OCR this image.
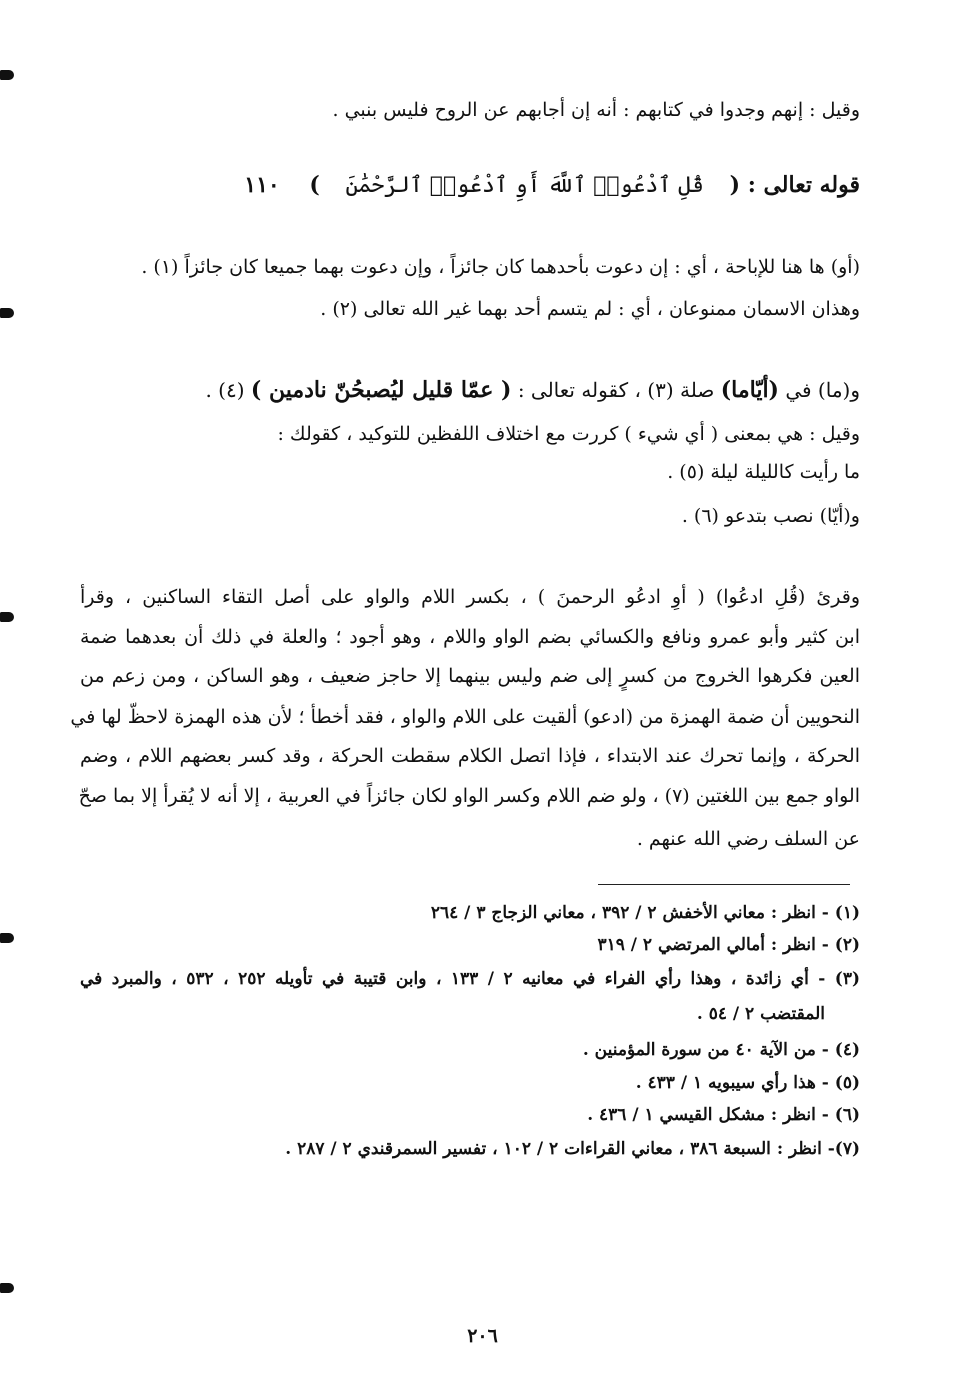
وقيل : إنهم وجدوا في كتابهم : أنه إن أجابهم عن الروح فليس بنبي .
قوله تعالى : ( قُلِ ٱدْعُوا۟ ٱللَّهَ أَوِ ٱدْعُوا۟ ٱلرَّحْمَٰنَ ) ١١٠
(أو) ها هنا للإباحة ، أي : إن دعوت بأحدهما كان جائزاً ، وإن دعوت بهما جميعا كان جائزاً (١) .
وهذان الاسمان ممنوعان ، أي : لم يتسم أحد بهما غير الله تعالى (٢) .
و(ما) في (أيّاما) صلة (٣) ، كقوله تعالى : ( عمّا قليل ليُصبحُنّ نادمين ) (٤) .
وقيل : هي بمعنى ( أي شيء ) كررت مع اختلاف اللفظين للتوكيد ، كقولك :
ما رأيت كالليلة ليلة (٥) .
و(أيّا) نصب بتدعو (٦) .
وقرئ (قُلِ ادعُوا) ( أوِ ادعُو الرحمنَ ) ، بكسر اللام والواو على أصل التقاء الساكنين ، وقرأ
ابن كثير وأبو عمرو ونافع والكسائي بضم الواو واللام ، وهو أجود ؛ والعلة في ذلك أن بعدهما ضمة
العين فكرهوا الخروج من كسرٍ إلى ضم وليس بينهما إلا حاجز ضعيف ، وهو الساكن ، ومن زعم من
النحويين أن ضمة الهمزة من (ادعو) ألقيت على اللام والواو ، فقد أخطأ ؛ لأن هذه الهمزة لاحظّ لها في
الحركة ، وإنما تحرك عند الابتداء ، فإذا اتصل الكلام سقطت الحركة ، وقد كسر بعضهم اللام ، وضم
الواو جمع بين اللغتين (٧) ، ولو ضم اللام وكسر الواو لكان جائزاً في العربية ، إلا أنه لا يُقرأ إلا بما صحّ
عن السلف رضي الله عنهم .
(١) - انظر : معاني الأخفش ٢ / ٣٩٢ ، معاني الزجاج ٣ / ٢٦٤
(٢) - انظر : أمالي المرتضي ٢ / ٣١٩
(٣) - أي زائدة ، وهذا رأي الفراء في معانيه ٢ / ١٣٣ ، وابن قتيبة في تأويله ٢٥٢ ، ٥٣٢ ، والمبرد في
المقتضب ٢ / ٥٤ .
(٤) - من الآية ٤٠ من سورة المؤمنين .
(٥) - هذا رأي سيبويه ١ / ٤٣٣ .
(٦) - انظر : مشكل القيسي ١ / ٤٣٦ .
(٧)- انظر : السبعة ٣٨٦ ، معاني القراءات ٢ / ١٠٢ ، تفسير السمرقندي ٢ / ٢٨٧ .
٢٠٦
